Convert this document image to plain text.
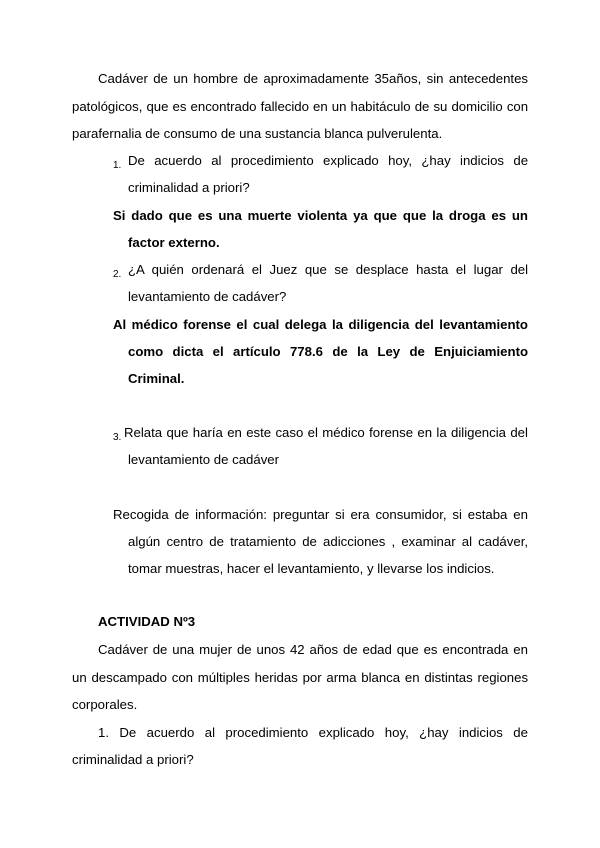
Cadáver de un hombre de aproximadamente 35años, sin antecedentes
patológicos, que es encontrado fallecido en un habitáculo de su domicilio con
parafernalia de consumo de una sustancia blanca pulverulenta.
1. De acuerdo al procedimiento explicado hoy, ¿hay indicios de
criminalidad a priori?
Si dado que es una muerte violenta ya que que la droga es un
factor externo.
2. ¿A quién ordenará el Juez que se desplace hasta el lugar del
levantamiento de cadáver?
Al médico forense el cual delega la diligencia del levantamiento
como dicta el artículo 778.6 de la Ley de Enjuiciamiento
Criminal.
3. Relata que haría en este caso el médico forense en la diligencia del
levantamiento de cadáver
Recogida de información: preguntar si era consumidor, si estaba en
algún centro de tratamiento de adicciones , examinar al cadáver,
tomar muestras, hacer el levantamiento, y llevarse los indicios.
ACTIVIDAD Nº3
Cadáver de una mujer de unos 42 años de edad que es encontrada en
un descampado con múltiples heridas por arma blanca en distintas regiones
corporales.
1. De acuerdo al procedimiento explicado hoy, ¿hay indicios de
criminalidad a priori?
